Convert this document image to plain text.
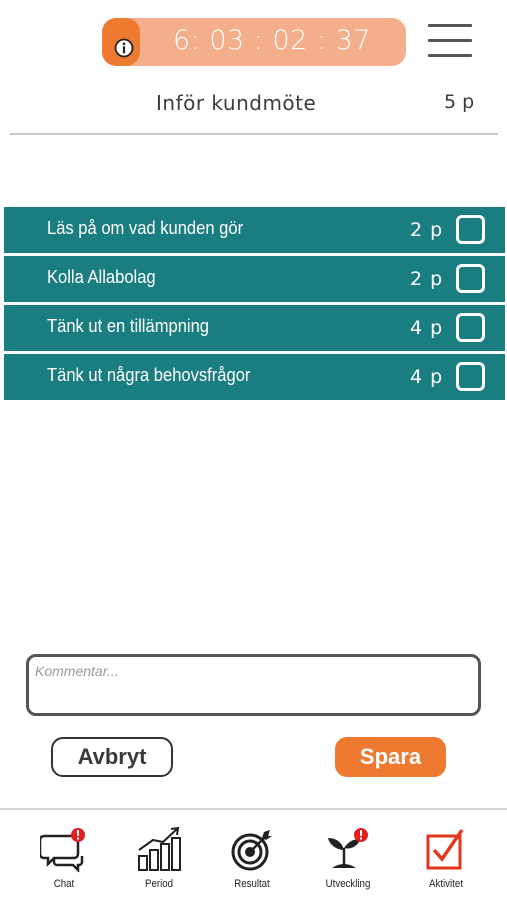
6: 03 : 02 : 37
Inför kundmöte	5 p
Läs på om vad kunden gör	2 p
Kolla Allabolag	2 p
Tänk ut en tillämpning	4 p
Tänk ut några behovsfrågor	4 p
Kommentar...
Avbryt	Spara
Chat	Period	Resultat	Utveckling	Aktivitet
